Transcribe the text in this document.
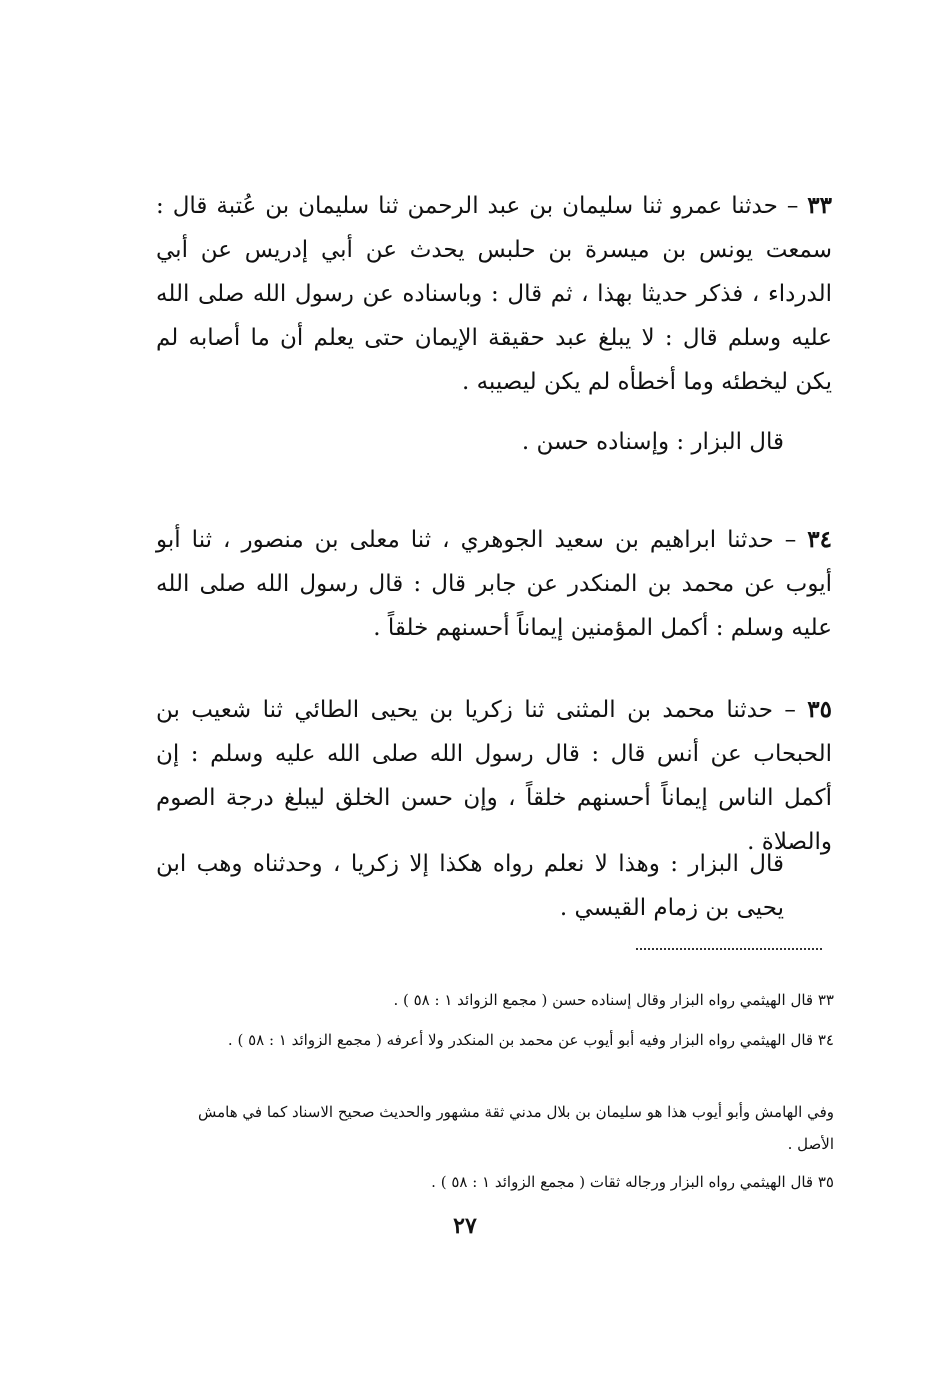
٣٣ – حدثنا عمرو ثنا سليمان بن عبد الرحمن ثنا سليمان بن عُتبة قال : سمعت يونس بن ميسرة بن حلبس يحدث عن أبي إدريس عن أبي الدرداء ، فذكر حديثا بهذا ، ثم قال : وباسناده عن رسول الله صلى الله عليه وسلم قال : لا يبلغ عبد حقيقة الإيمان حتى يعلم أن ما أصابه لم يكن ليخطئه وما أخطأه لم يكن ليصيبه .

قال البزار : وإسناده حسن .

٣٤ – حدثنا ابراهيم بن سعيد الجوهري ، ثنا معلى بن منصور ، ثنا أبو أيوب عن محمد بن المنكدر عن جابر قال : قال رسول الله صلى الله عليه وسلم : أكمل المؤمنين إيماناً أحسنهم خلقاً .

٣٥ – حدثنا محمد بن المثنى ثنا زكريا بن يحيى الطائي ثنا شعيب بن الحبحاب عن أنس قال : قال رسول الله صلى الله عليه وسلم : إن أكمل الناس إيماناً أحسنهم خلقاً ، وإن حسن الخلق ليبلغ درجة الصوم والصلاة .

قال البزار : وهذا لا نعلم رواه هكذا إلا زكريا ، وحدثناه وهب ابن يحيى بن زمام القيسي .

٣٣ قال الهيثمي رواه البزار وقال إسناده حسن ( مجمع الزوائد ١ : ٥٨ ) .

٣٤ قال الهيثمي رواه البزار وفيه أبو أيوب عن محمد بن المنكدر ولا أعرفه ( مجمع الزوائد ١ : ٥٨ ) .

وفي الهامش وأبو أيوب هذا هو سليمان بن بلال مدني ثقة مشهور والحديث صحيح الاسناد كما في هامش الأصل .

٣٥ قال الهيثمي رواه البزار ورجاله ثقات ( مجمع الزوائد ١ : ٥٨ ) .

٢٧
